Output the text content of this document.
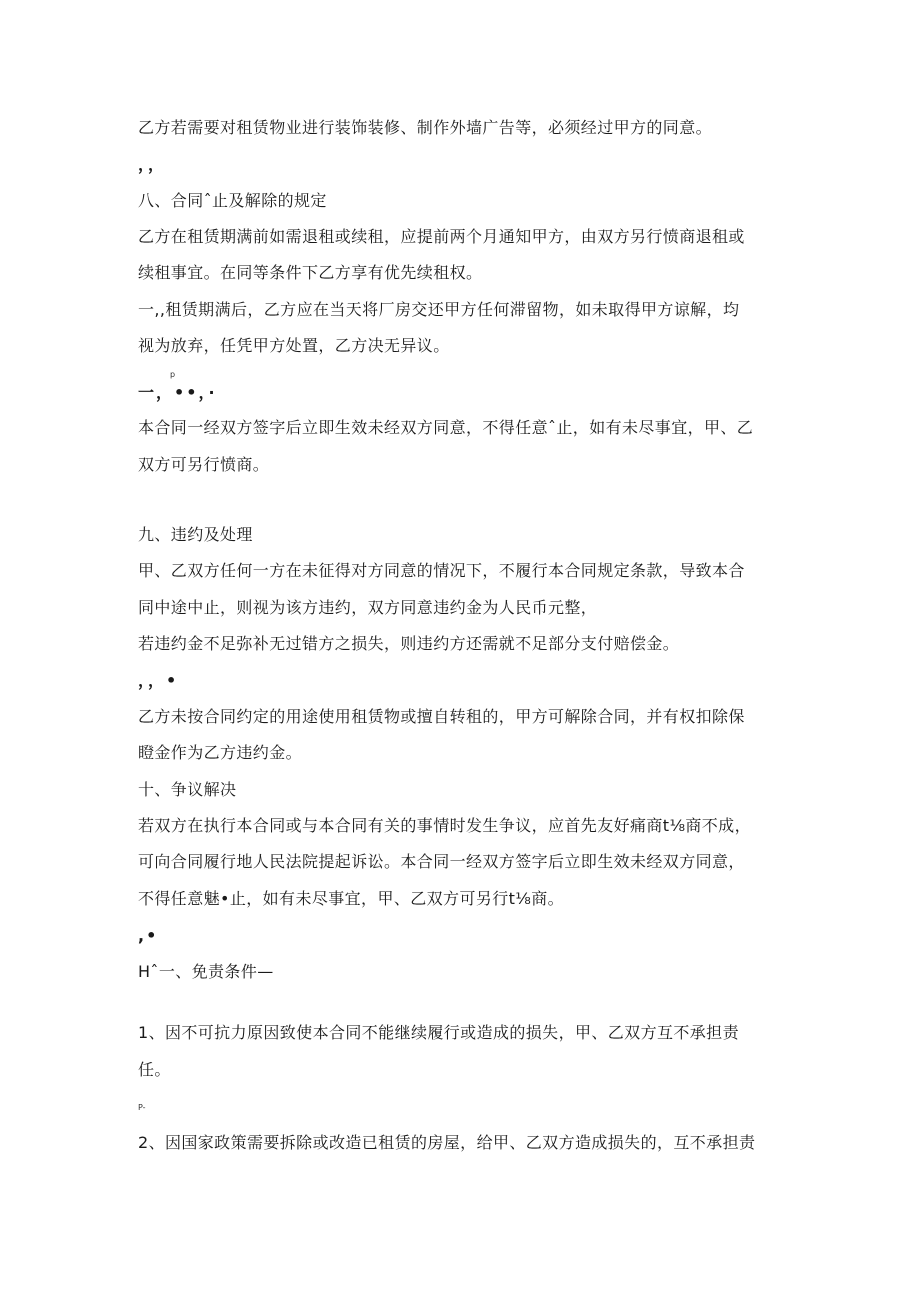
乙方若需要对租赁物业进行装饰装修、制作外墙广告等，必须经过甲方的同意。
，，
八、合同ˆ止及解除的规定
乙方在租赁期满前如需退租或续租，应提前两个月通知甲方，由双方另行愤商退租或
续租事宜。在同等条件下乙方享有优先续租权。
一,,租赁期满后，乙方应在当天将厂房交还甲方任何滞留物，如未取得甲方谅解，均
视为放弃，任凭甲方处置，乙方决无异议。
p
一，••，·
本合同一经双方签字后立即生效未经双方同意，不得任意ˆ止，如有未尽事宜，甲、乙
双方可另行愤商。
九、违约及处理
甲、乙双方任何一方在未征得对方同意的情况下，不履行本合同规定条款，导致本合
同中途中止，则视为该方违约，双方同意违约金为人民币元整，
若违约金不足弥补无过错方之损失，则违约方还需就不足部分支付赔偿金。
，，•
乙方未按合同约定的用途使用租赁物或擅自转租的，甲方可解除合同，并有权扣除保
瞪金作为乙方违约金。
十、争议解决
若双方在执行本合同或与本合同有关的事情时发生争议，应首先友好痛商t⅛商不成，
可向合同履行地人民法院提起诉讼。本合同一经双方签字后立即生效未经双方同意，
不得任意魅•止，如有未尽事宜，甲、乙双方可另行t⅛商。
,•
Hˆ一、免责条件—
1、因不可抗力原因致使本合同不能继续履行或造成的损失，甲、乙双方互不承担责
任。
P-
2、因国家政策需要拆除或改造已租赁的房屋，给甲、乙双方造成损失的，互不承担责
